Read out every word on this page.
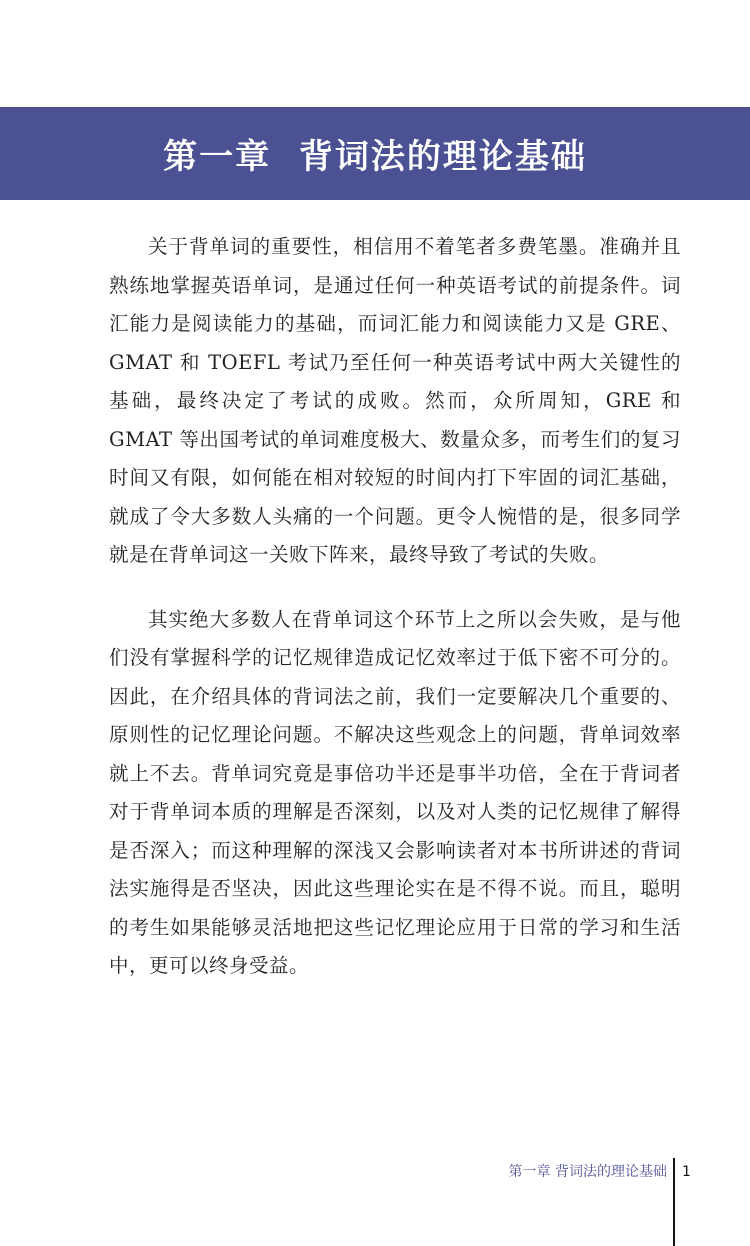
第一章  背词法的理论基础

关于背单词的重要性，相信用不着笔者多费笔墨。准确并且熟练地掌握英语单词，是通过任何一种英语考试的前提条件。词汇能力是阅读能力的基础，而词汇能力和阅读能力又是 GRE、GMAT 和 TOEFL 考试乃至任何一种英语考试中两大关键性的基础，最终决定了考试的成败。然而，众所周知，GRE 和 GMAT 等出国考试的单词难度极大、数量众多，而考生们的复习时间又有限，如何能在相对较短的时间内打下牢固的词汇基础，就成了令大多数人头痛的一个问题。更令人惋惜的是，很多同学就是在背单词这一关败下阵来，最终导致了考试的失败。

其实绝大多数人在背单词这个环节上之所以会失败，是与他们没有掌握科学的记忆规律造成记忆效率过于低下密不可分的。因此，在介绍具体的背词法之前，我们一定要解决几个重要的、原则性的记忆理论问题。不解决这些观念上的问题，背单词效率就上不去。背单词究竟是事倍功半还是事半功倍，全在于背词者对于背单词本质的理解是否深刻，以及对人类的记忆规律了解得是否深入；而这种理解的深浅又会影响读者对本书所讲述的背词法实施得是否坚决，因此这些理论实在是不得不说。而且，聪明的考生如果能够灵活地把这些记忆理论应用于日常的学习和生活中，更可以终身受益。

第一章 背词法的理论基础 1
